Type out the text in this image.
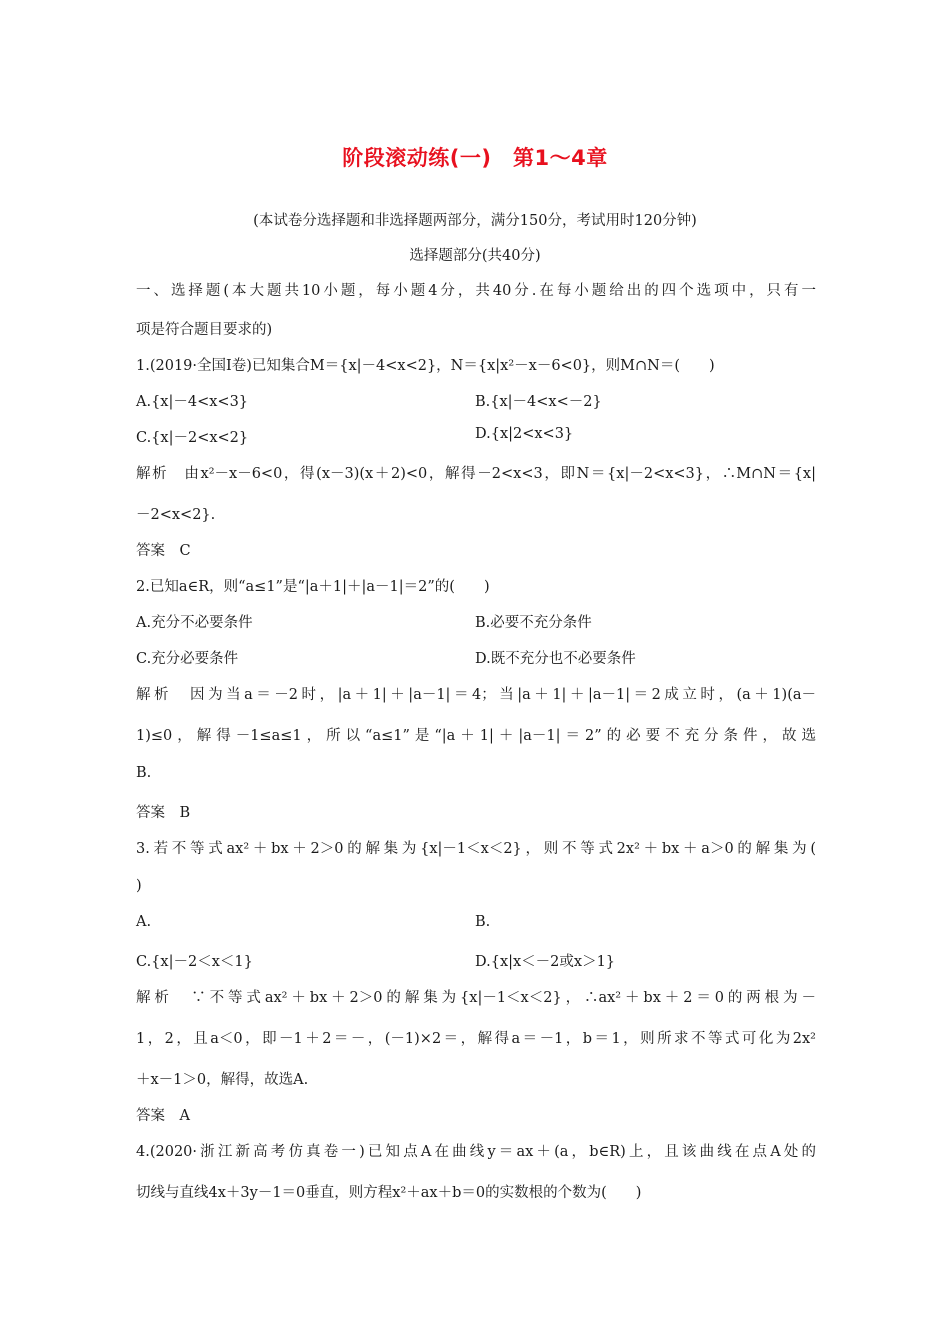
阶段滚动练(一)　第1～4章
(本试卷分选择题和非选择题两部分，满分150分，考试用时120分钟)
选择题部分(共40分)
一、选择题(本大题共10小题，每小题4分，共40分.在每小题给出的四个选项中，只有一
项是符合题目要求的)
1.(2019·全国Ⅰ卷)已知集合M＝{x|－4<x<2}，N＝{x|x²－x－6<0}，则M∩N＝(　　)
A.{x|－4<x<3}	B.{x|－4<x<－2}
C.{x|－2<x<2}	D.{x|2<x<3}
解析　由x²－x－6<0，得(x－3)(x＋2)<0，解得－2<x<3，即N＝{x|－2<x<3}，∴M∩N＝{x|
－2<x<2}.
答案　C
2.已知a∈R，则“a≤1”是“|a＋1|＋|a－1|＝2”的(　　)
A.充分不必要条件	B.必要不充分条件
C.充分必要条件	D.既不充分也不必要条件
解析　因为当a＝－2时，|a＋1|＋|a－1|＝4；当|a＋1|＋|a－1|＝2成立时，(a＋1)(a－
1)≤0，解得－1≤a≤1，所以“a≤1”是“|a＋1|＋|a－1|＝2”的必要不充分条件，故选
B.
答案　B
3.若不等式ax²＋bx＋2＞0的解集为{x|－1＜x＜2}，则不等式2x²＋bx＋a＞0的解集为(
)
A.	B.
C.{x|－2＜x＜1}	D.{x|x＜－2或x＞1}
解析　∵不等式ax²＋bx＋2＞0的解集为{x|－1＜x＜2}，∴ax²＋bx＋2＝0的两根为－
1，2，且a＜0，即－1＋2＝－，(－1)×2＝，解得a＝－1，b＝1，则所求不等式可化为2x²
＋x－1＞0，解得，故选A.
答案　A
4.(2020·浙江新高考仿真卷一)已知点A在曲线y＝ax＋(a，b∈R)上，且该曲线在点A处的
切线与直线4x＋3y－1＝0垂直，则方程x²＋ax＋b＝0的实数根的个数为(　　)
